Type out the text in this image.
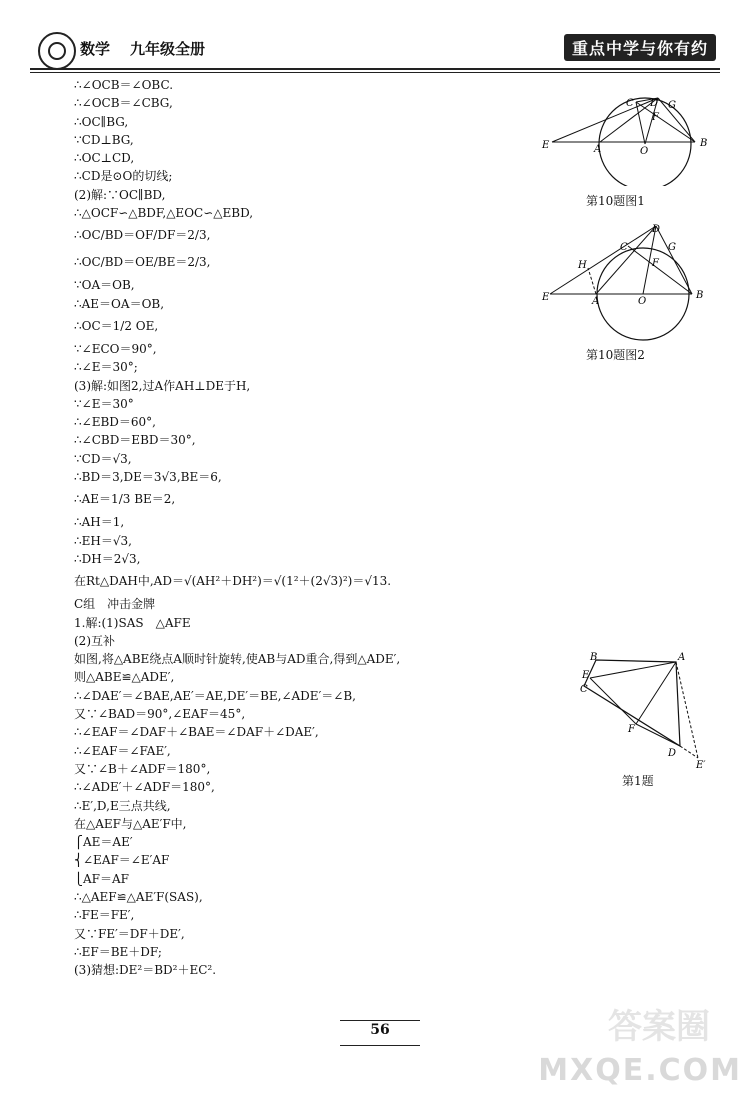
数学 九年级全册	重点中学与你有约
∴∠OCB＝∠OBC.
∴∠OCB＝∠CBG,
∴OC∥BG,
∵CD⊥BG,
∴OC⊥CD,
∴CD是⊙O的切线;
(2)解:∵OC∥BD,
∴△OCF∽△BDF,△EOC∽△EBD,
∴OC/BD＝OF/DF＝2/3,
∴OC/BD＝OE/BE＝2/3,
∵OA＝OB,
∴AE＝OA＝OB,
∴OC＝1/2 OE,
∵∠ECO＝90°,
∴∠E＝30°;
(3)解:如图2,过A作AH⊥DE于H,
∵∠E＝30°
∴∠EBD＝60°,
∴∠CBD＝EBD＝30°,
∵CD＝√3,
∴BD＝3,DE＝3√3,BE＝6,
∴AE＝1/3 BE＝2,
∴AH＝1,
∴EH＝√3,
∴DH＝2√3,
在Rt△DAH中,AD＝√(AH²＋DH²)＝√(1²＋(2√3)²)＝√13.
C组　冲击金牌
1.解:(1)SAS　△AFE
(2)互补
如图,将△ABE绕点A顺时针旋转,使AB与AD重合,得到△ADE′,
则△ABE≌△ADE′,
∴∠DAE′＝∠BAE,AE′＝AE,DE′＝BE,∠ADE′＝∠B,
又∵∠BAD＝90°,∠EAF＝45°,
∴∠EAF＝∠DAF＋∠BAE＝∠DAF＋∠DAE′,
∴∠EAF＝∠FAE′,
又∵∠B＋∠ADF＝180°,
∴∠ADE′＋∠ADF＝180°,
∴E′,D,E三点共线,
在△AEF与△AE′F中,
⎧AE＝AE′
⎨∠EAF＝∠E′AF
⎩AF＝AF
∴△AEF≌△AE′F(SAS),
∴FE＝FE′,
又∵FE′＝DF＋DE′,
∴EF＝BE＋DF;
(3)猜想:DE²＝BD²＋EC².
D
C	G
F
E	A	O
B
第10题图1
D
C	G
H	F
E	A	O
B
第10题图2
B	A
E
C
F
D
E′
第1题
56	答案圈
MXQE.COM
